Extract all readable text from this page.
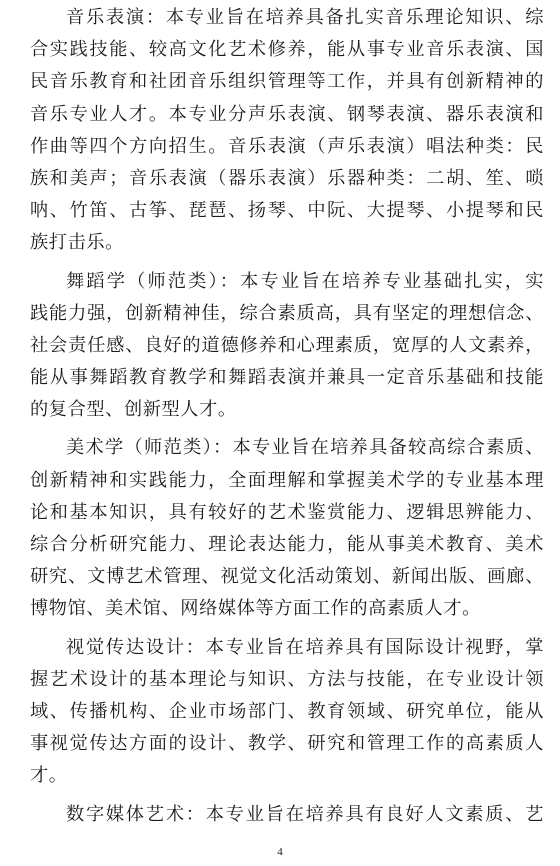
音乐表演：本专业旨在培养具备扎实音乐理论知识、综
合实践技能、较高文化艺术修养，能从事专业音乐表演、国
民音乐教育和社团音乐组织管理等工作，并具有创新精神的
音乐专业人才。本专业分声乐表演、钢琴表演、器乐表演和
作曲等四个方向招生。音乐表演（声乐表演）唱法种类：民
族和美声；音乐表演（器乐表演）乐器种类：二胡、笙、唢
呐、竹笛、古筝、琵琶、扬琴、中阮、大提琴、小提琴和民
族打击乐。
舞蹈学（师范类）：本专业旨在培养专业基础扎实，实
践能力强，创新精神佳，综合素质高，具有坚定的理想信念、
社会责任感、良好的道德修养和心理素质，宽厚的人文素养，
能从事舞蹈教育教学和舞蹈表演并兼具一定音乐基础和技能
的复合型、创新型人才。
美术学（师范类）：本专业旨在培养具备较高综合素质、
创新精神和实践能力，全面理解和掌握美术学的专业基本理
论和基本知识，具有较好的艺术鉴赏能力、逻辑思辨能力、
综合分析研究能力、理论表达能力，能从事美术教育、美术
研究、文博艺术管理、视觉文化活动策划、新闻出版、画廊、
博物馆、美术馆、网络媒体等方面工作的高素质人才。
视觉传达设计：本专业旨在培养具有国际设计视野，掌
握艺术设计的基本理论与知识、方法与技能，在专业设计领
域、传播机构、企业市场部门、教育领域、研究单位，能从
事视觉传达方面的设计、教学、研究和管理工作的高素质人
才。
数字媒体艺术：本专业旨在培养具有良好人文素质、艺
4
